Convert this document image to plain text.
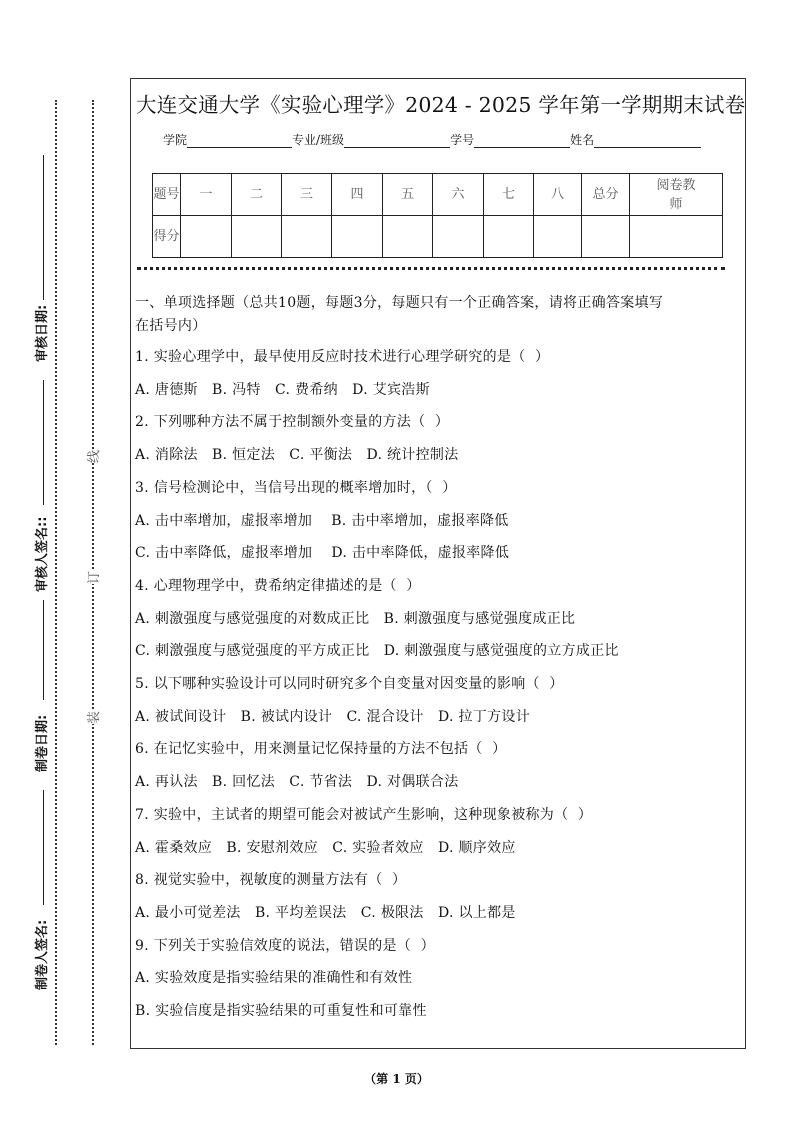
审核日期:
审核人签名::
制卷日期:
制卷人签名:
线
订
装
大连交通大学《实验心理学》2024 - 2025 学年第一学期期末试卷
学院	专业/班级	学号	姓名
题号	一	二	三	四	五	六	七	八	总分	阅卷教师
得分										
一、单项选择题（总共10题，每题3分，每题只有一个正确答案，请将正确答案填写
在括号内）
1. 实验心理学中，最早使用反应时技术进行心理学研究的是（  ）
A. 唐德斯   B. 冯特   C. 费希纳   D. 艾宾浩斯
2. 下列哪种方法不属于控制额外变量的方法（  ）
A. 消除法   B. 恒定法   C. 平衡法   D. 统计控制法
3. 信号检测论中，当信号出现的概率增加时，（  ）
A. 击中率增加，虚报率增加    B. 击中率增加，虚报率降低
C. 击中率降低，虚报率增加    D. 击中率降低，虚报率降低
4. 心理物理学中，费希纳定律描述的是（  ）
A. 刺激强度与感觉强度的对数成正比   B. 刺激强度与感觉强度成正比
C. 刺激强度与感觉强度的平方成正比   D. 刺激强度与感觉强度的立方成正比
5. 以下哪种实验设计可以同时研究多个自变量对因变量的影响（  ）
A. 被试间设计   B. 被试内设计   C. 混合设计   D. 拉丁方设计
6. 在记忆实验中，用来测量记忆保持量的方法不包括（  ）
A. 再认法   B. 回忆法   C. 节省法   D. 对偶联合法
7. 实验中，主试者的期望可能会对被试产生影响，这种现象被称为（  ）
A. 霍桑效应   B. 安慰剂效应   C. 实验者效应   D. 顺序效应
8. 视觉实验中，视敏度的测量方法有（  ）
A. 最小可觉差法   B. 平均差误法   C. 极限法   D. 以上都是
9. 下列关于实验信效度的说法，错误的是（  ）
A. 实验效度是指实验结果的准确性和有效性
B. 实验信度是指实验结果的可重复性和可靠性
（第 1 页）
